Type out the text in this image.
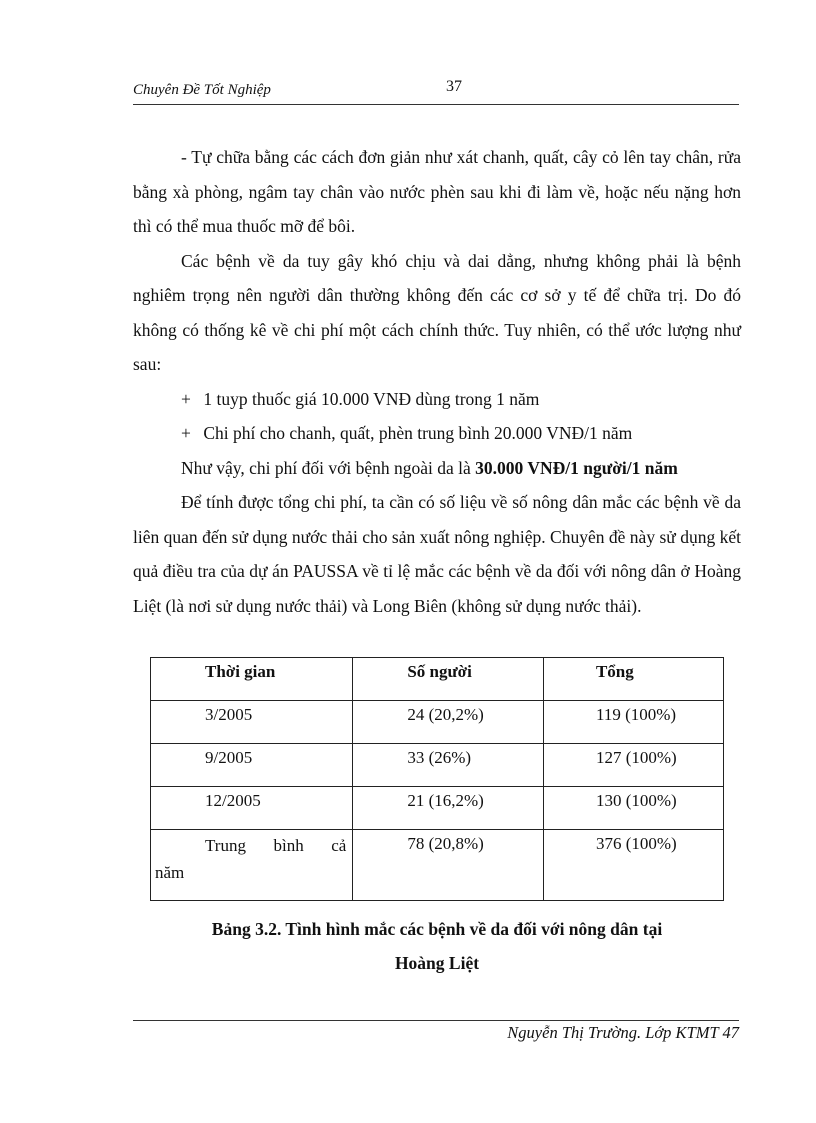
Chuyên Đề Tốt Nghiệp	37

- Tự chữa bằng các cách đơn giản như xát chanh, quất, cây cỏ lên tay chân, rửa bằng xà phòng, ngâm tay chân vào nước phèn sau khi đi làm về, hoặc nếu nặng hơn thì có thể mua thuốc mỡ để bôi.

Các bệnh về da tuy gây khó chịu và dai dẳng, nhưng không phải là bệnh nghiêm trọng nên người dân thường không đến các cơ sở y tế để chữa trị. Do đó không có thống kê về chi phí một cách chính thức. Tuy nhiên, có thể ước lượng như sau:

+ 1 tuyp thuốc giá 10.000 VNĐ dùng trong 1 năm

+ Chi phí cho chanh, quất, phèn trung bình 20.000 VNĐ/1 năm

Như vậy, chi phí đối với bệnh ngoài da là 30.000 VNĐ/1 người/1 năm

Để tính được tổng chi phí, ta cần có số liệu về số nông dân mắc các bệnh về da liên quan đến sử dụng nước thải cho sản xuất nông nghiệp. Chuyên đề này sử dụng kết quả điều tra của dự án PAUSSA về tỉ lệ mắc các bệnh về da đối với nông dân ở Hoàng Liệt (là nơi sử dụng nước thải) và Long Biên (không sử dụng nước thải).

Thời gian	Số người	Tổng
3/2005	24 (20,2%)	119 (100%)
9/2005	33 (26%)	127 (100%)
12/2005	21 (16,2%)	130 (100%)

Trung bình cả
năm	78 (20,8%)	376 (100%)

Bảng 3.2. Tình hình mắc các bệnh về da đối với nông dân tại

Hoàng Liệt

Nguyễn Thị Trường. Lớp KTMT 47
